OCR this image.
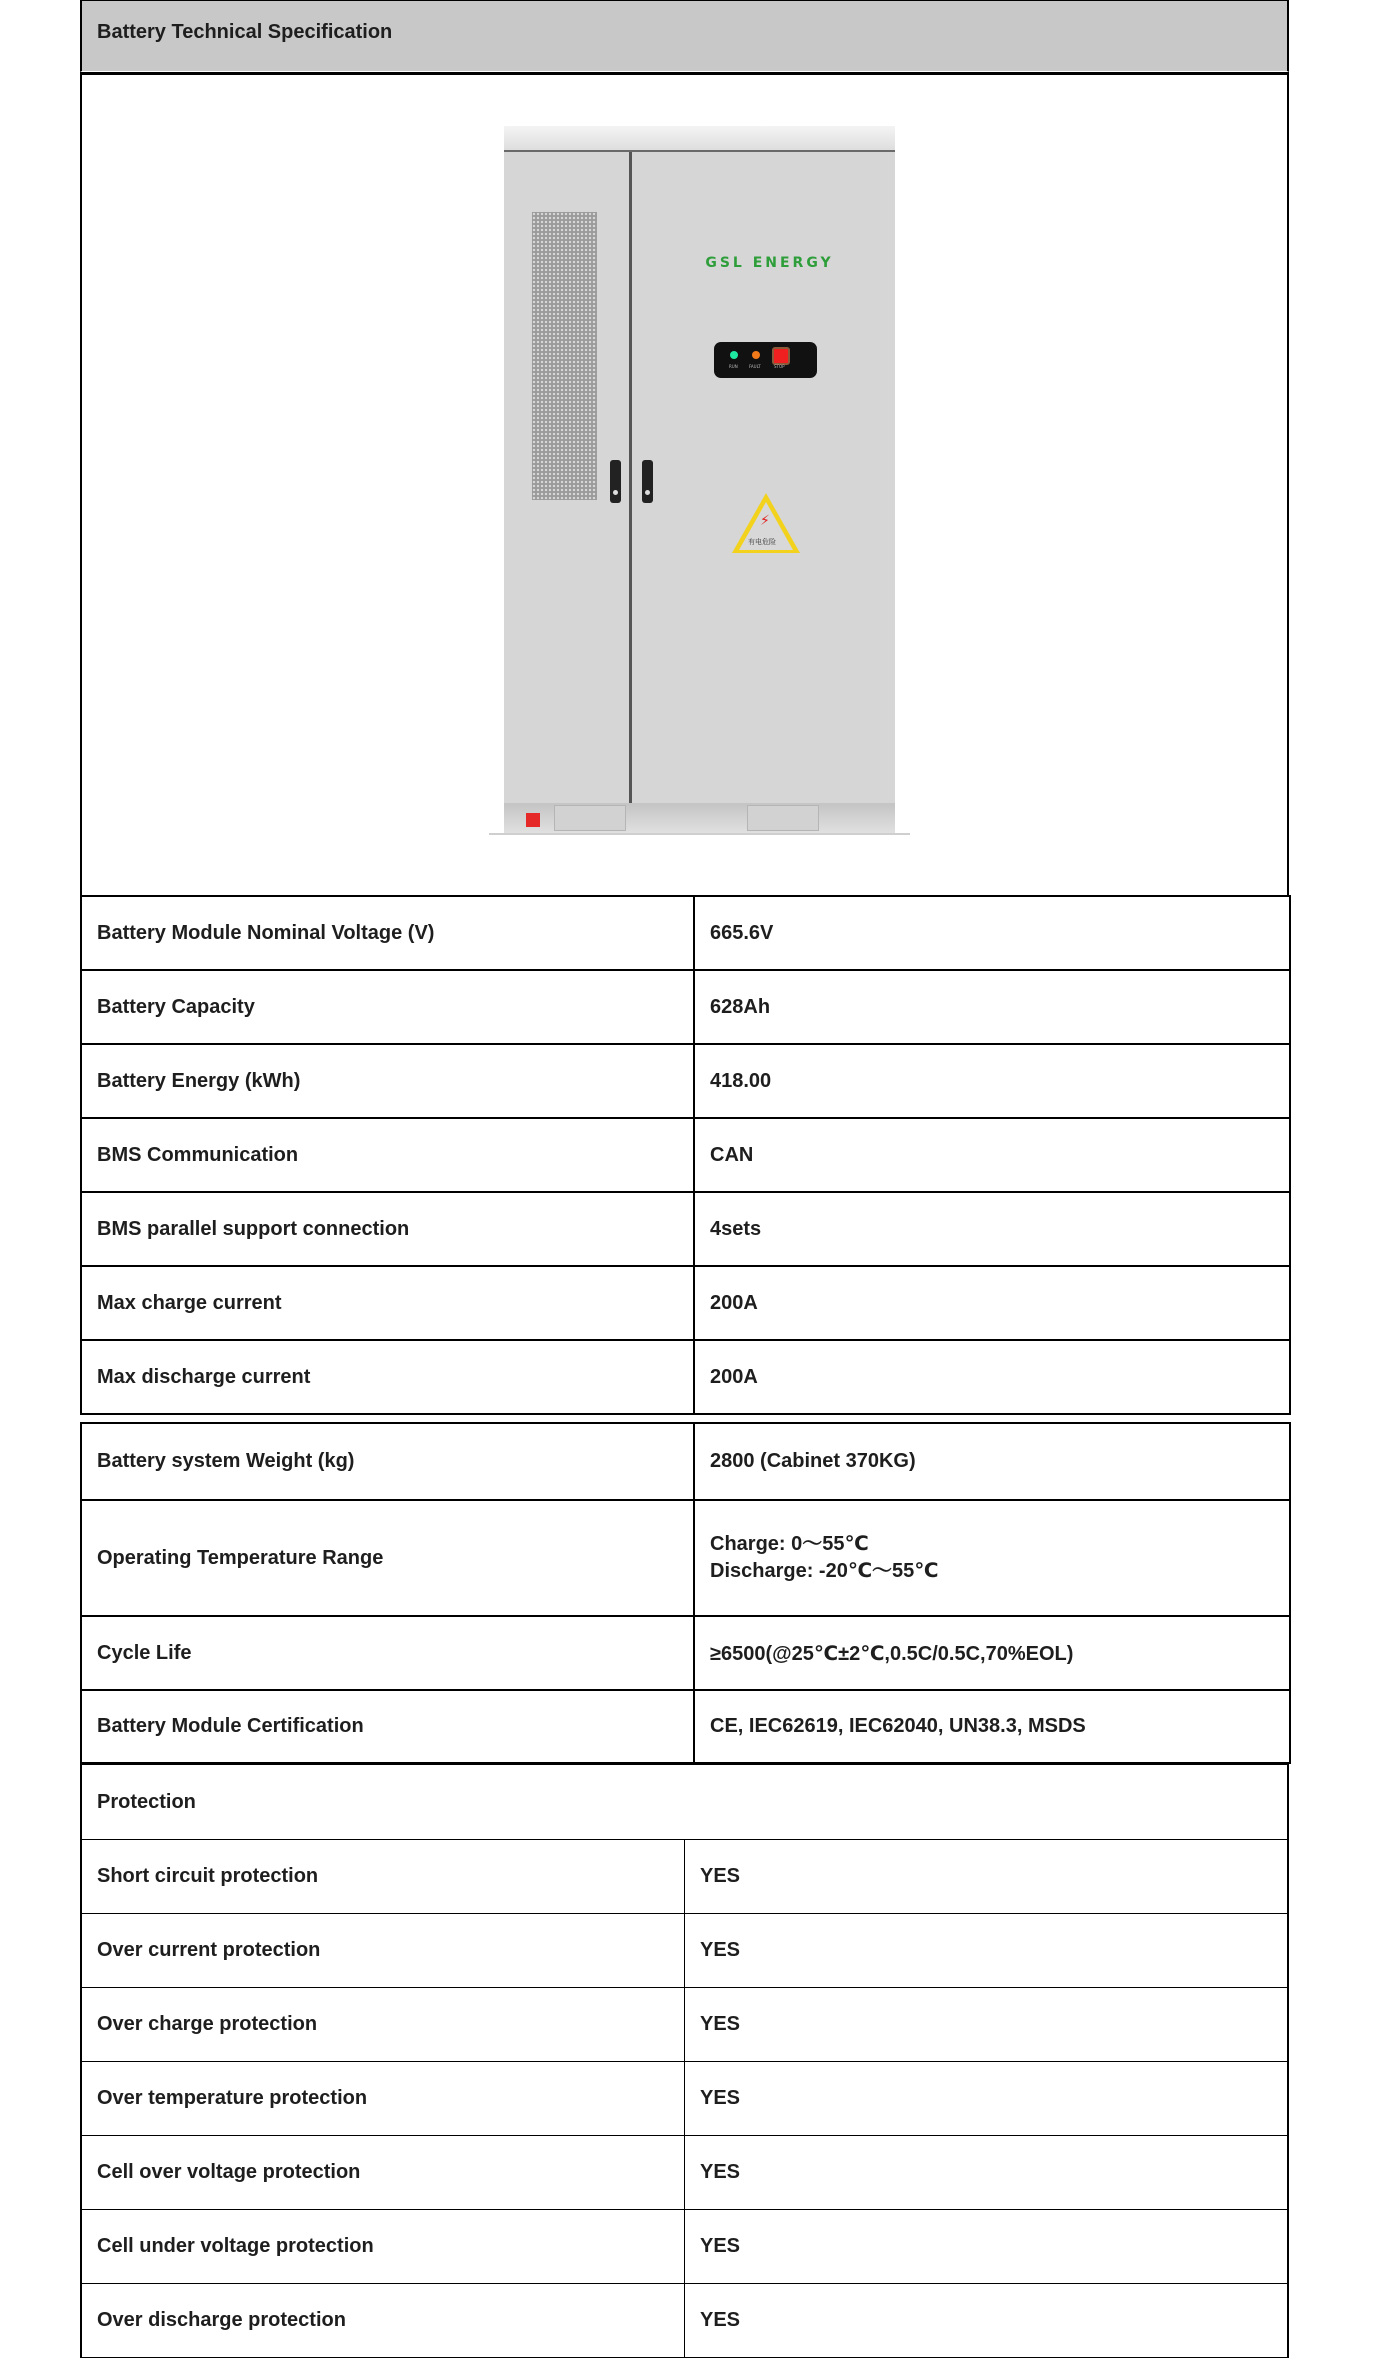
Battery Technical Specification
GSL ENERGY
RUN	FAULT	STOP
⚡
有电危险
Battery Module Nominal Voltage (V)	665.6V
Battery Capacity	628Ah
Battery Energy (kWh)	418.00
BMS Communication	CAN
BMS parallel support connection	4sets
Max charge current	200A
Max discharge current	200A
Battery system Weight (kg)	2800 (Cabinet 370KG)
Operating Temperature Range	Charge: 0～55℃
Discharge: -20℃～55℃

Cycle Life	≥6500(@25℃±2℃,0.5C/0.5C,70%EOL)
Battery Module Certification	CE, IEC62619, IEC62040, UN38.3, MSDS
Protection	
Short circuit protection	YES
Over current protection	YES
Over charge protection	YES
Over temperature protection	YES
Cell over voltage protection	YES
Cell under voltage protection	YES
Over discharge protection	YES
